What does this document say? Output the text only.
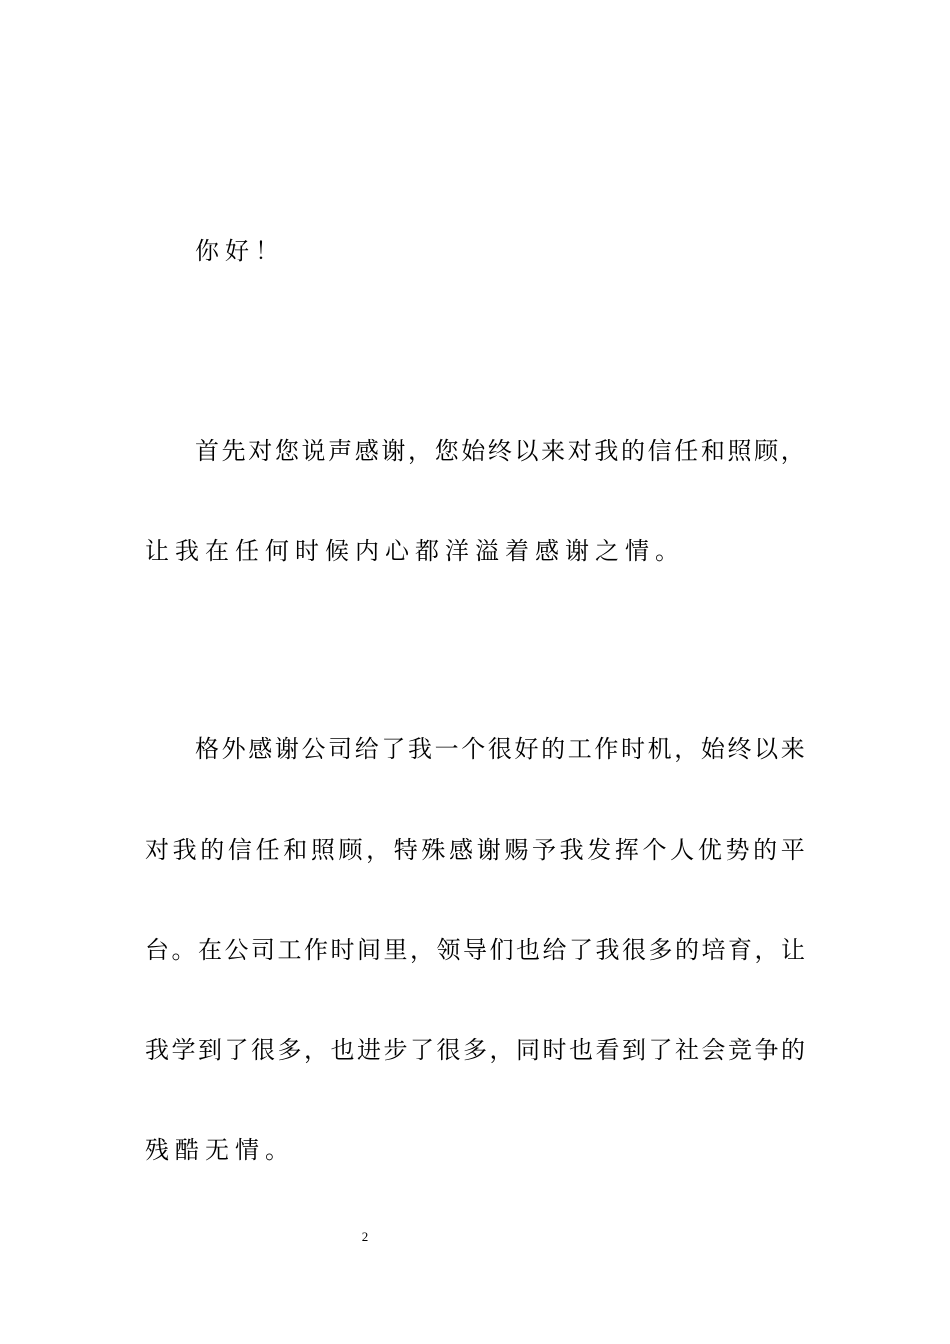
你好！
首 先 对 您 说 声 感 谢 ， 您 始 终 以 来 对 我 的 信 任 和 照 顾 ，
让我在任何时候内心都洋溢着感谢之情。
格 外 感 谢 公 司 给 了 我 一 个 很 好 的 工 作 时 机 ， 始 终 以 来
对 我 的 信 任 和 照 顾 ， 特 殊 感 谢 赐 予 我 发 挥 个 人 优 势 的 平
台 。 在 公 司 工 作 时 间 里 ， 领 导 们 也 给 了 我 很 多 的 培 育 ， 让
我 学 到 了 很 多 ， 也 进 步 了 很 多 ， 同 时 也 看 到 了 社 会 竞 争 的
残酷无情。
2
